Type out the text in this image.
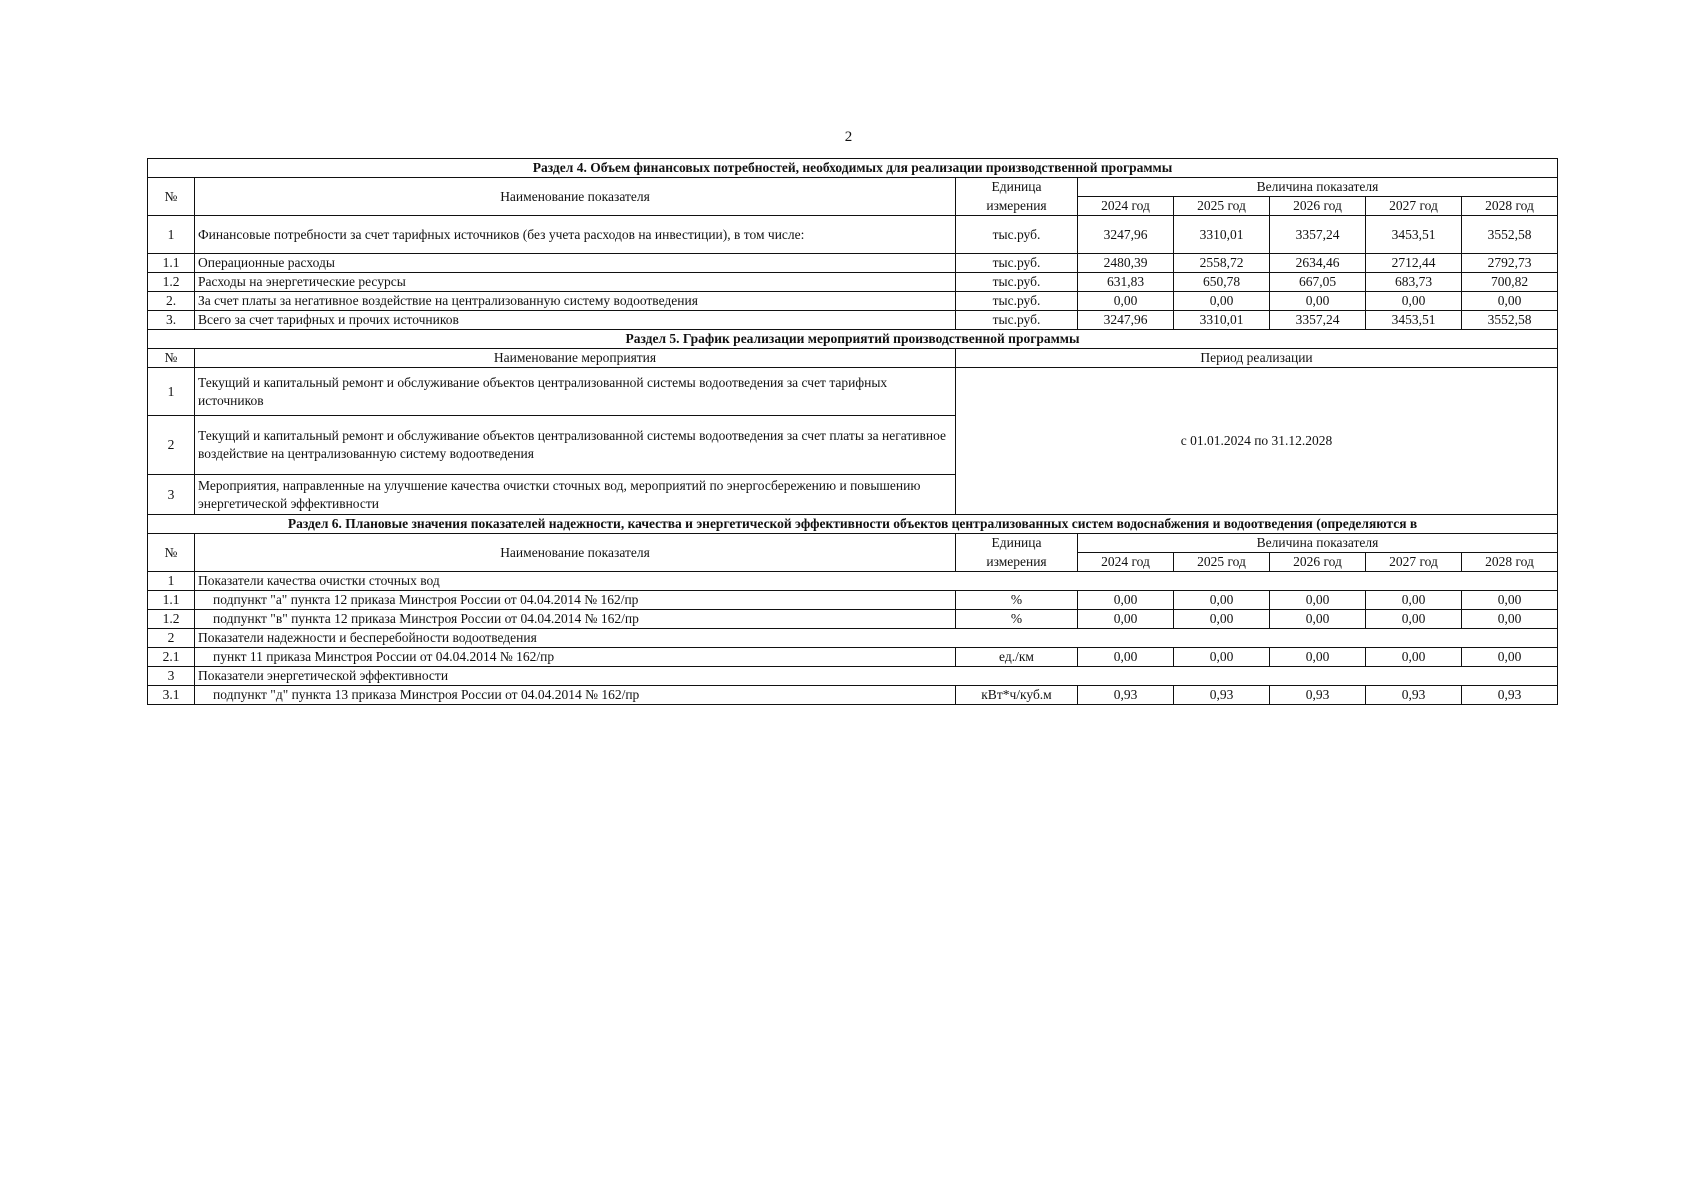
2
Раздел 4. Объем финансовых потребностей, необходимых для реализации производственной программы							
№	Наименование показателя	Единица	Величина показателя				
		измерения	2024 год	2025 год	2026 год	2027 год	2028 год
1	Финансовые потребности за счет тарифных источников (без учета расходов на инвестиции), в том числе:	тыс.руб.	3247,96	3310,01	3357,24	3453,51	3552,58
1.1	Операционные расходы	тыс.руб.	2480,39	2558,72	2634,46	2712,44	2792,73
1.2	Расходы на энергетические ресурсы	тыс.руб.	631,83	650,78	667,05	683,73	700,82
2.	За счет платы за негативное воздействие на централизованную систему водоотведения	тыс.руб.	0,00	0,00	0,00	0,00	0,00
3.	Всего за счет тарифных и прочих источников	тыс.руб.	3247,96	3310,01	3357,24	3453,51	3552,58
Раздел 5. График реализации мероприятий производственной программы							
№	Наименование мероприятия	Период реализации					
1	Текущий и капитальный ремонт и обслуживание объектов централизованной системы водоотведения за счет тарифных источников	с 01.01.2024 по 31.12.2028					
2	Текущий и капитальный ремонт и обслуживание объектов централизованной системы водоотведения за счет платы за негативное воздействие на централизованную систему водоотведения						
3	Мероприятия, направленные на улучшение качества очистки сточных вод, мероприятий по энергосбережению и повышению энергетической эффективности						
Раздел 6. Плановые значения показателей надежности, качества и энергетической эффективности объектов централизованных систем водоснабжения и водоотведения (определяются в							
№	Наименование показателя	Единица	Величина показателя				
		измерения	2024 год	2025 год	2026 год	2027 год	2028 год
1	Показатели качества очистки сточных вод						
1.1	подпункт "а" пункта 12 приказа Минстроя России от 04.04.2014 № 162/пр	%	0,00	0,00	0,00	0,00	0,00
1.2	подпункт "в" пункта 12 приказа Минстроя России от 04.04.2014 № 162/пр	%	0,00	0,00	0,00	0,00	0,00
2	Показатели надежности и бесперебойности водоотведения						
2.1	пункт 11 приказа Минстроя России от 04.04.2014 № 162/пр	ед./км	0,00	0,00	0,00	0,00	0,00
3	Показатели энергетической эффективности						
3.1	подпункт "д" пункта 13 приказа Минстроя России от 04.04.2014 № 162/пр	кВт*ч/куб.м	0,93	0,93	0,93	0,93	0,93
